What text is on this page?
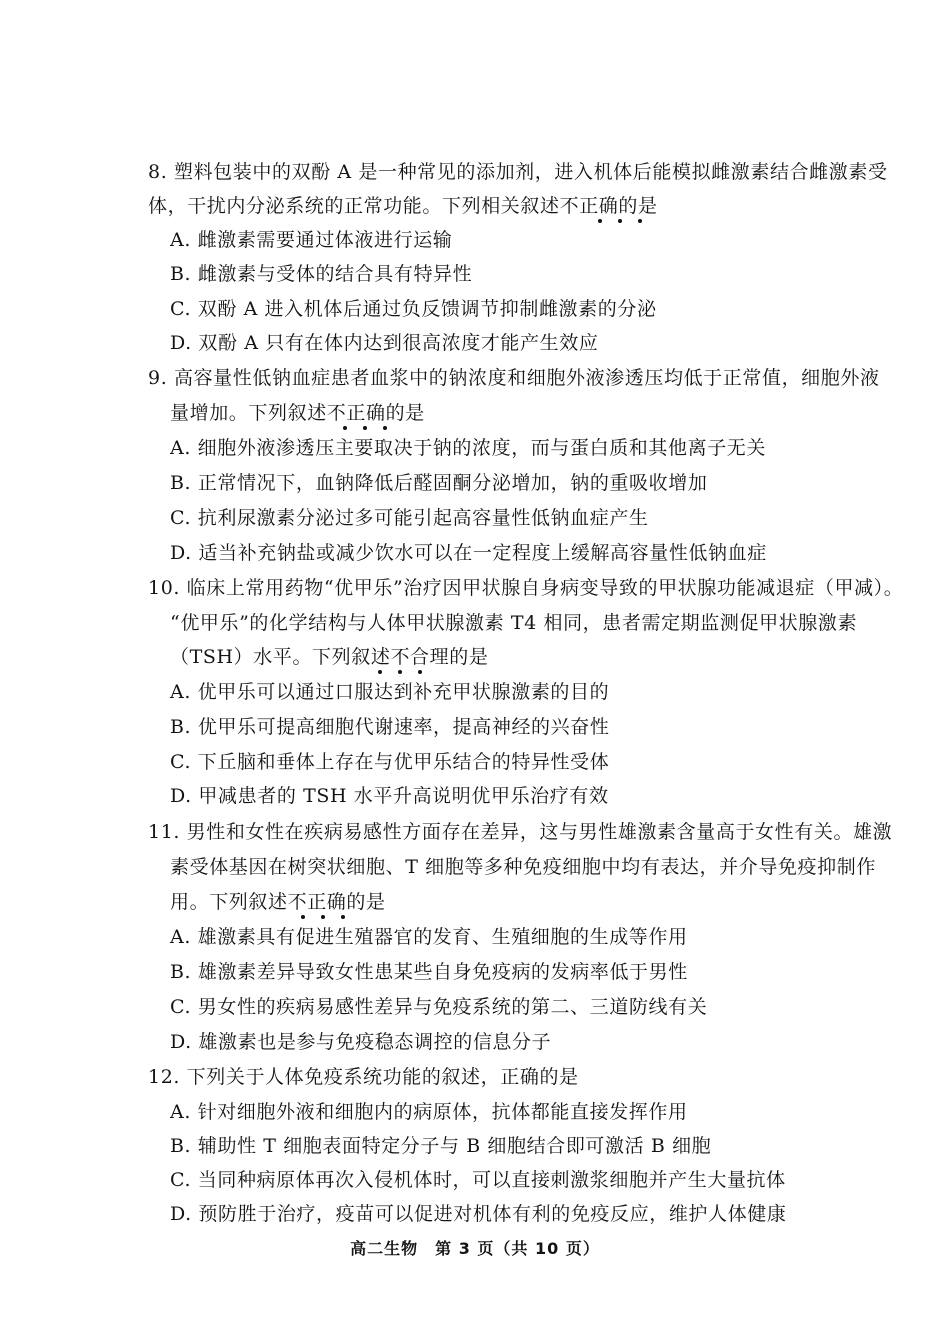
8. 塑料包装中的双酚 A 是一种常见的添加剂，进入机体后能模拟雌激素结合雌激素受
体，干扰内分泌系统的正常功能。下列相关叙述不正确的是
A. 雌激素需要通过体液进行运输
B. 雌激素与受体的结合具有特异性
C. 双酚 A 进入机体后通过负反馈调节抑制雌激素的分泌
D. 双酚 A 只有在体内达到很高浓度才能产生效应
9. 高容量性低钠血症患者血浆中的钠浓度和细胞外液渗透压均低于正常值，细胞外液
量增加。下列叙述不正确的是
A. 细胞外液渗透压主要取决于钠的浓度，而与蛋白质和其他离子无关
B. 正常情况下，血钠降低后醛固酮分泌增加，钠的重吸收增加
C. 抗利尿激素分泌过多可能引起高容量性低钠血症产生
D. 适当补充钠盐或减少饮水可以在一定程度上缓解高容量性低钠血症
10. 临床上常用药物“优甲乐”治疗因甲状腺自身病变导致的甲状腺功能减退症（甲减）。
“优甲乐”的化学结构与人体甲状腺激素 T4 相同，患者需定期监测促甲状腺激素
（TSH）水平。下列叙述不合理的是
A. 优甲乐可以通过口服达到补充甲状腺激素的目的
B. 优甲乐可提高细胞代谢速率，提高神经的兴奋性
C. 下丘脑和垂体上存在与优甲乐结合的特异性受体
D. 甲减患者的 TSH 水平升高说明优甲乐治疗有效
11. 男性和女性在疾病易感性方面存在差异，这与男性雄激素含量高于女性有关。雄激
素受体基因在树突状细胞、T 细胞等多种免疫细胞中均有表达，并介导免疫抑制作
用。下列叙述不正确的是
A. 雄激素具有促进生殖器官的发育、生殖细胞的生成等作用
B. 雄激素差异导致女性患某些自身免疫病的发病率低于男性
C. 男女性的疾病易感性差异与免疫系统的第二、三道防线有关
D. 雄激素也是参与免疫稳态调控的信息分子
12. 下列关于人体免疫系统功能的叙述，正确的是
A. 针对细胞外液和细胞内的病原体，抗体都能直接发挥作用
B. 辅助性 T 细胞表面特定分子与 B 细胞结合即可激活 B 细胞
C. 当同种病原体再次入侵机体时，可以直接刺激浆细胞并产生大量抗体
D. 预防胜于治疗，疫苗可以促进对机体有利的免疫反应，维护人体健康
高二生物　第 3 页（共 10 页）
